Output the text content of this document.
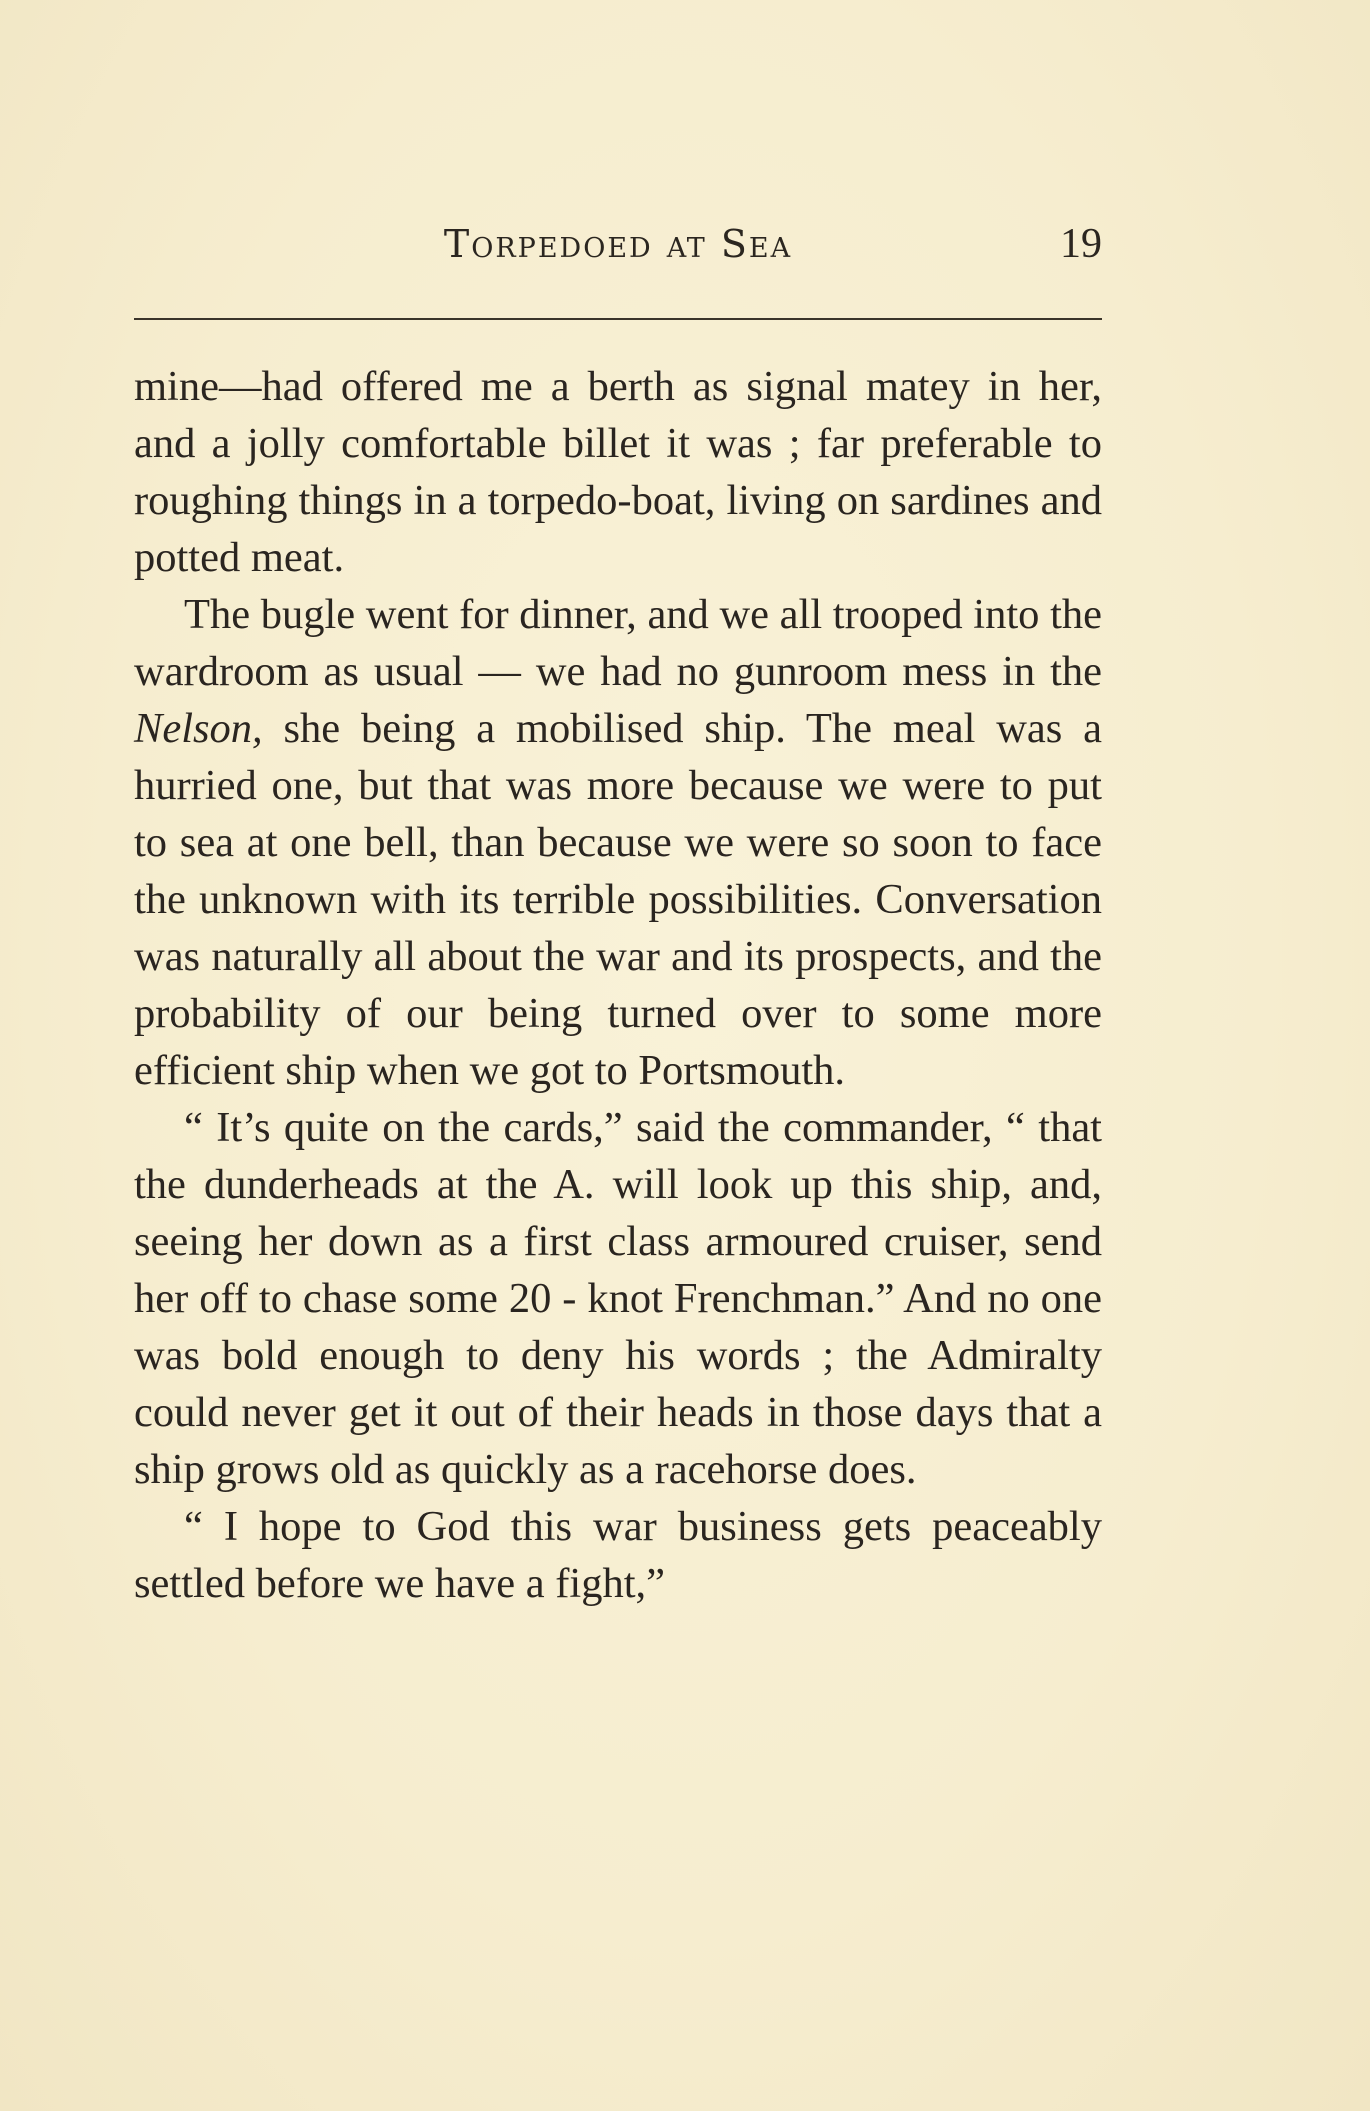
Torpedoed at Sea	19

mine—had offered me a berth as signal matey in her, and a jolly comfortable billet it was ; far preferable to roughing things in a torpedo-boat, living on sardines and potted meat.

The bugle went for dinner, and we all trooped into the wardroom as usual — we had no gunroom mess in the Nelson, she being a mobilised ship. The meal was a hurried one, but that was more because we were to put to sea at one bell, than because we were so soon to face the unknown with its terrible possibilities. Conversation was naturally all about the war and its prospects, and the probability of our being turned over to some more efficient ship when we got to Portsmouth.

“ It’s quite on the cards,” said the commander, “ that the dunderheads at the A. will look up this ship, and, seeing her down as a first class armoured cruiser, send her off to chase some 20 - knot Frenchman.” And no one was bold enough to deny his words ; the Admiralty could never get it out of their heads in those days that a ship grows old as quickly as a racehorse does.

“ I hope to God this war business gets peaceably settled before we have a fight,”
